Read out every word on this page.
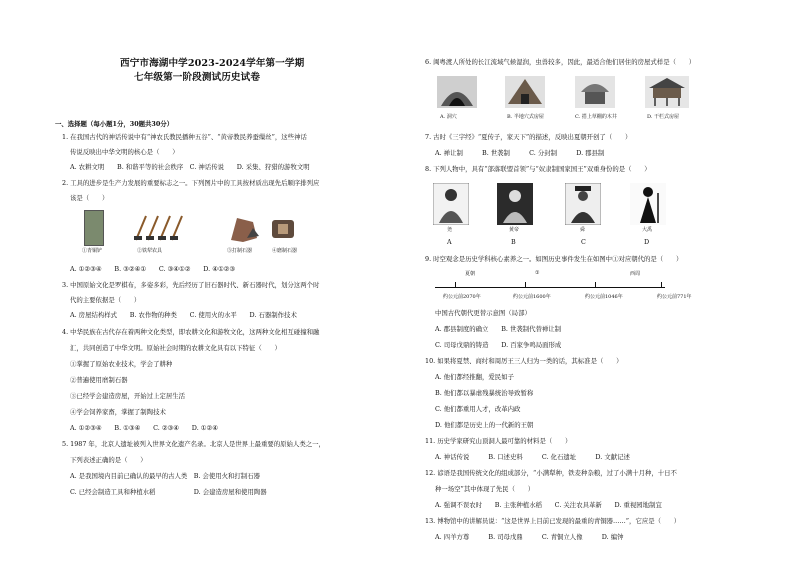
西宁市海湖中学2023-2024学年第一学期
七年级第一阶段测试历史试卷
一、选择题（每小题1分，30题共30分）
1. 在我国古代的神话传说中有“神农氏教民播种五谷”、“黄帝教民养蚕缫丝”，这些神话
传说反映出中华文明的核心是（　　）
A. 农耕文明　　B. 和谐平等的社会秩序　C. 神话传说　　D. 采集、狩猎的游牧文明
2. 工具的进步是生产力发展的重要标志之一。下列图片中的工具按材质出现先后顺序排列应
该是（　　）
①青铜铲	②铁犁农具	③打制石器	④磨制石器
A. ①②③④　　B. ③②④①　　C. ③④①②　　D. ④①②③
3. 中国原始文化是罗棋布，多姿多彩，先后经历了旧石器时代、新石器时代，划分这两个时
代的主要依据是（　　）
A. 房屋结构样式　　B. 农作物的种类　　C. 使用火的水平　　D. 石器制作技术
4. 中华民族在古代存在着两种文化类型，即农耕文化和游牧文化，这两种文化相互碰撞和融
汇，共同创造了中华文明。原始社会时期的农耕文化具有以下特征（　　）
①掌握了原始农业技术，学会了耕种
②普遍使用磨制石器
③已经学会建造房屋，开始过上定居生活
④学会饲养家畜，掌握了制陶技术
A. ①②③④　　B. ①③④　　C. ②③④　　D. ①②④
5. 1987 年，北京人遗址被列入世界文化遗产名录。北京人是世界上最重要的原始人类之一，
下列表述正确的是（　　）
A. 是我国境内目前已确认的最早的古人类　B. 会使用火和打制石器
C. 已经会制造工具和种植水稻　　　　　　D. 会建造房屋和使用陶器
6. 闽粤渡人所处的长江流域气候湿润，虫兽较多，因此，最适合他们居住的房屋式样是（　　）
A. 洞穴	B. 半地穴式房屋	C. 搭上草棚的木井	D. 干栏式房屋
7. 古时《三字经》“夏传子，家天下”的描述，反映出夏朝开创了（　　）
A. 禅让制　　　B. 世袭制　　　C. 分封制　　　D. 郡县制
8. 下列人物中，具有“部落联盟首领”与“奴隶制国家国王”双重身份的是（　　）
尧	黄帝	舜	大禹
A	B	C	D
9. 时空观念是历史学科核心素养之一。如图历史事件发生在如图中①对应朝代的是（　　）
夏朝	①	西周
约公元前2070年	约公元前1600年	约公元前1046年	约公元前771年
中国古代朝代更替示意图（局部）
A. 郡县制度的确立　　B. 世袭制代替禅让制
C. 司母戊鼎的铸造　　D. 百家争鸣局面形成
10. 如果将夏禁、商纣和周厉王三人归为一类的话，其标准是（　　）
A. 他们都经推翻，爱民如子
B. 他们都以暴虐残暴统治导致暂称
C. 他们都重用人才，改革内政
D. 他们都是历史上的一代新的王朝
11. 历史学家研究山顶洞人最可靠的材料是（　　）
A. 神话传说　　　B. 口述史料　　　C. 化石遗址　　　D. 文献记述
12. 谚语是我国传统文化的组成部分，“小满犁种，铁麦种杂粮，过了小满十月种，十日不
种一场空”其中体现了先民（　　）
A. 强调不误农时　　B. 主张种植水稻　　C. 关注农具革新　　D. 重视园地制宜
13. 博物馆中的讲解员说：“这是世界上目前已发现的最重的青铜器……”，它应是（　　）
A. 四羊方尊　　　B. 司母戊鼎　　　C. 青铜立人像　　　D. 编钟
